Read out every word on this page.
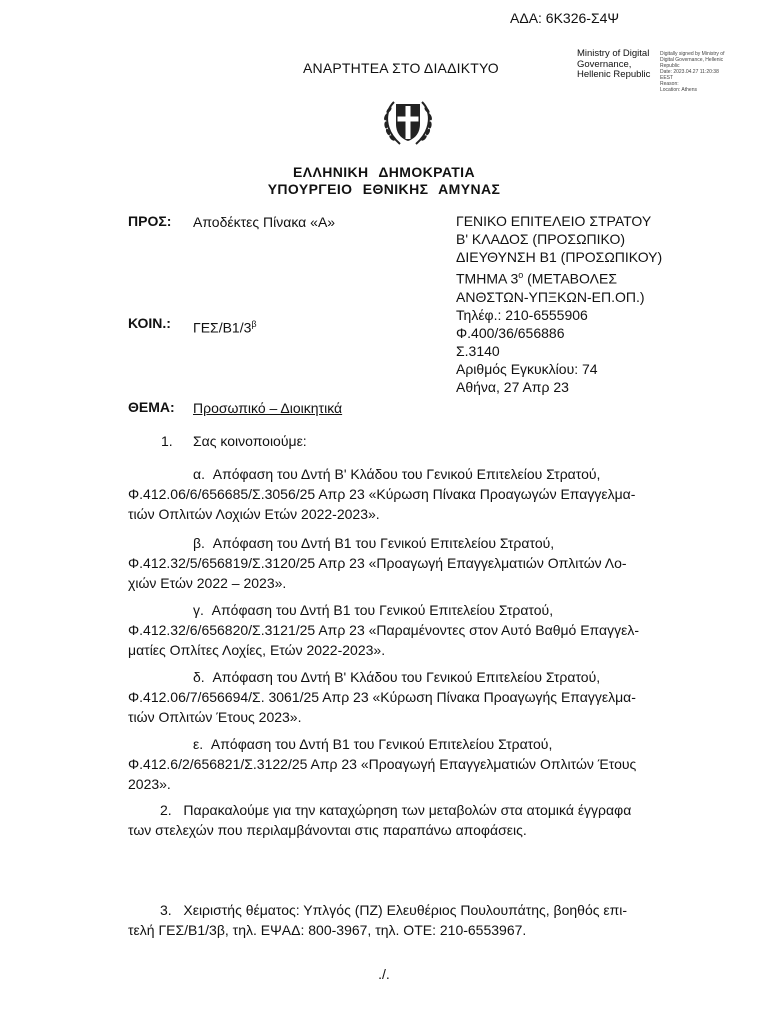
ΑΔΑ: 6Κ326-Σ4Ψ
ΑΝΑΡΤΗΤΕΑ ΣΤΟ ΔΙΑΔΙΚΤΥΟ
Ministry of Digital
Governance,
Hellenic Republic
Digitally signed by Ministry of
Digital Governance, Hellenic
Republic
Date: 2023.04.27 11:20:38
EEST
Reason:
Location: Athens
ΕΛΛΗΝΙΚΗ ΔΗΜΟΚΡΑΤΙΑ
ΥΠΟΥΡΓΕΙΟ ΕΘΝΙΚΗΣ ΑΜΥΝΑΣ
ΠΡΟΣ: Αποδέκτες Πίνακα «Α»
ΚΟΙΝ.: ΓΕΣ/$B1/3^\beta$
ΓΕΝΙΚΟ ΕΠΙΤΕΛΕΙΟ ΣΤΡΑΤΟΥ
Β' ΚΛΑΔΟΣ (ΠΡΟΣΩΠΙΚΟ)
ΔΙΕΥΘΥΝΣΗ Β1 (ΠΡΟΣΩΠΙΚΟΥ)
ΤΜΗΜΑ $3^o$ (ΜΕΤΑΒΟΛΕΣ
ΑΝΘΣΤΩΝ-ΥΠΞΚΩΝ-ΕΠ.ΟΠ.)
Τηλέφ.: 210-6555906
Φ.400/36/656886
Σ.3140
Αριθμός Εγκυκλίου: 74
Αθήνα, 27 Απρ 23
ΘΕΜΑ: Προσωπικό – Διοικητικά
1. Σας κοινοποιούμε:
α. Απόφαση του Δντή Β' Κλάδου του Γενικού Επιτελείου Στρατού,
Φ.412.06/6/656685/Σ.3056/25 Απρ 23 «Κύρωση Πίνακα Προαγωγών Επαγγελμα-
τιών Οπλιτών Λοχιών Ετών 2022-2023».
β. Απόφαση του Δντή Β1 του Γενικού Επιτελείου Στρατού,
Φ.412.32/5/656819/Σ.3120/25 Απρ 23 «Προαγωγή Επαγγελματιών Οπλιτών Λο-
χιών Ετών 2022 – 2023».
γ. Απόφαση του Δντή Β1 του Γενικού Επιτελείου Στρατού,
Φ.412.32/6/656820/Σ.3121/25 Απρ 23 «Παραμένοντες στον Αυτό Βαθμό Επαγγελ-
ματίες Οπλίτες Λοχίες, Ετών 2022-2023».
δ. Απόφαση του Δντή Β' Κλάδου του Γενικού Επιτελείου Στρατού,
Φ.412.06/7/656694/Σ. 3061/25 Απρ 23 «Κύρωση Πίνακα Προαγωγής Επαγγελμα-
τιών Οπλιτών Έτους 2023».
ε. Απόφαση του Δντή Β1 του Γενικού Επιτελείου Στρατού,
Φ.412.6/2/656821/Σ.3122/25 Απρ 23 «Προαγωγή Επαγγελματιών Οπλιτών Έτους
2023».
2. Παρακαλούμε για την καταχώρηση των μεταβολών στα ατομικά έγγραφα
των στελεχών που περιλαμβάνονται στις παραπάνω αποφάσεις.
3. Χειριστής θέματος: Υπλγός (ΠΖ) Ελευθέριος Πουλουπάτης, βοηθός επι-
τελή ΓΕΣ/Β1/3β, τηλ. ΕΨΑΔ: 800-3967, τηλ. ΟΤΕ: 210-6553967.
./.
